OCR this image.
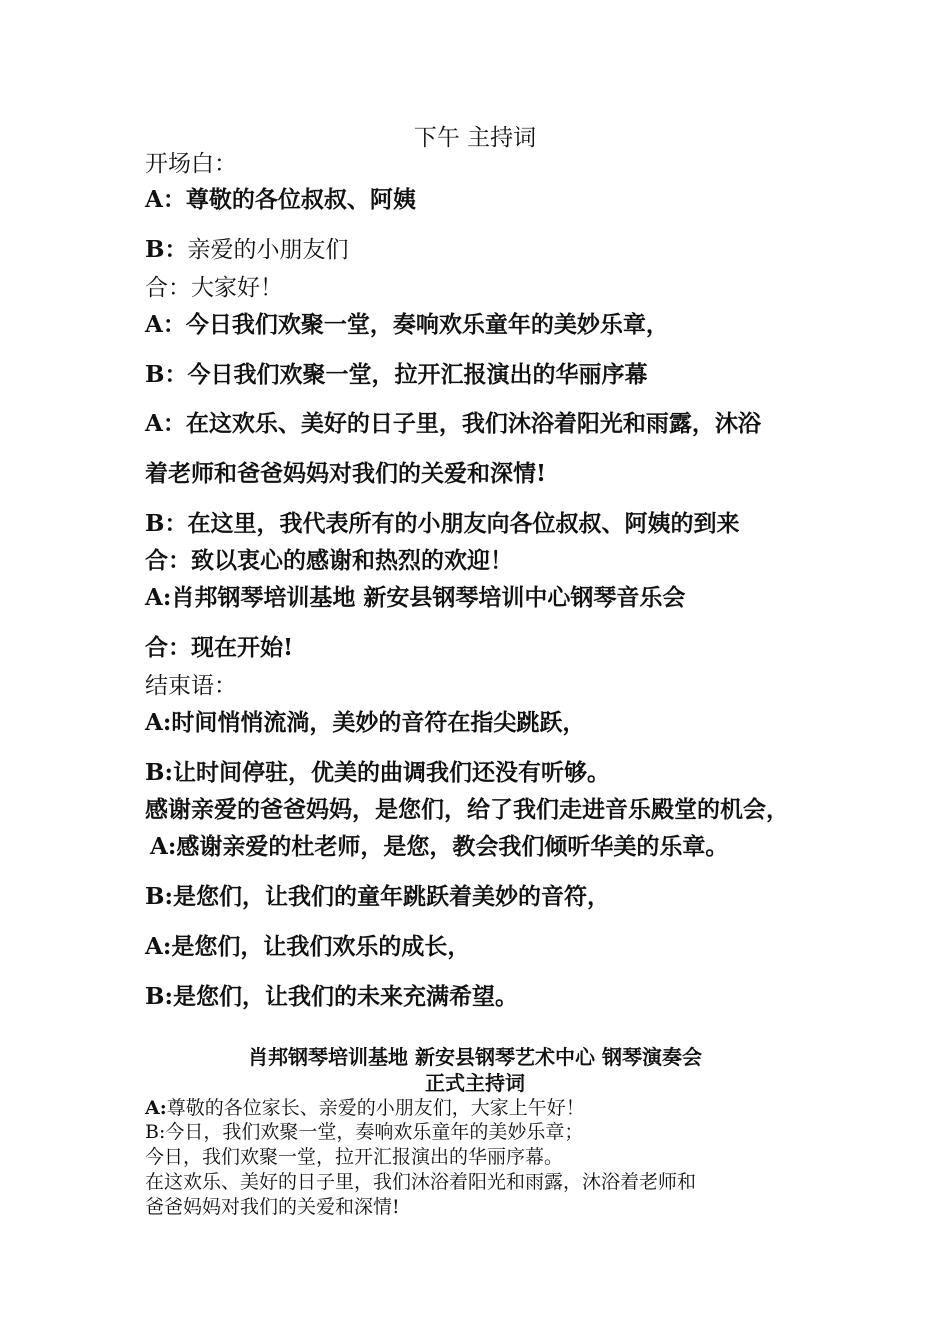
下午 主持词
开场白：
A：尊敬的各位叔叔、阿姨
B：亲爱的小朋友们
合：大家好！
A：今日我们欢聚一堂，奏响欢乐童年的美妙乐章，
B：今日我们欢聚一堂，拉开汇报演出的华丽序幕
A：在这欢乐、美好的日子里，我们沐浴着阳光和雨露，沐浴
着老师和爸爸妈妈对我们的关爱和深情!
B：在这里，我代表所有的小朋友向各位叔叔、阿姨的到来
合：致以衷心的感谢和热烈的欢迎！
A:肖邦钢琴培训基地 新安县钢琴培训中心钢琴音乐会
合：现在开始!
结束语：
A:时间悄悄流淌，美妙的音符在指尖跳跃，
B:让时间停驻，优美的曲调我们还没有听够。
感谢亲爱的爸爸妈妈，是您们，给了我们走进音乐殿堂的机会，
A:感谢亲爱的杜老师，是您，教会我们倾听华美的乐章。
B:是您们，让我们的童年跳跃着美妙的音符，
A:是您们，让我们欢乐的成长，
B:是您们，让我们的未来充满希望。
肖邦钢琴培训基地 新安县钢琴艺术中心 钢琴演奏会
正式主持词
A:尊敬的各位家长、亲爱的小朋友们，大家上午好！
B:今日，我们欢聚一堂，奏响欢乐童年的美妙乐章；
今日，我们欢聚一堂，拉开汇报演出的华丽序幕。
在这欢乐、美好的日子里，我们沐浴着阳光和雨露，沐浴着老师和
爸爸妈妈对我们的关爱和深情!
